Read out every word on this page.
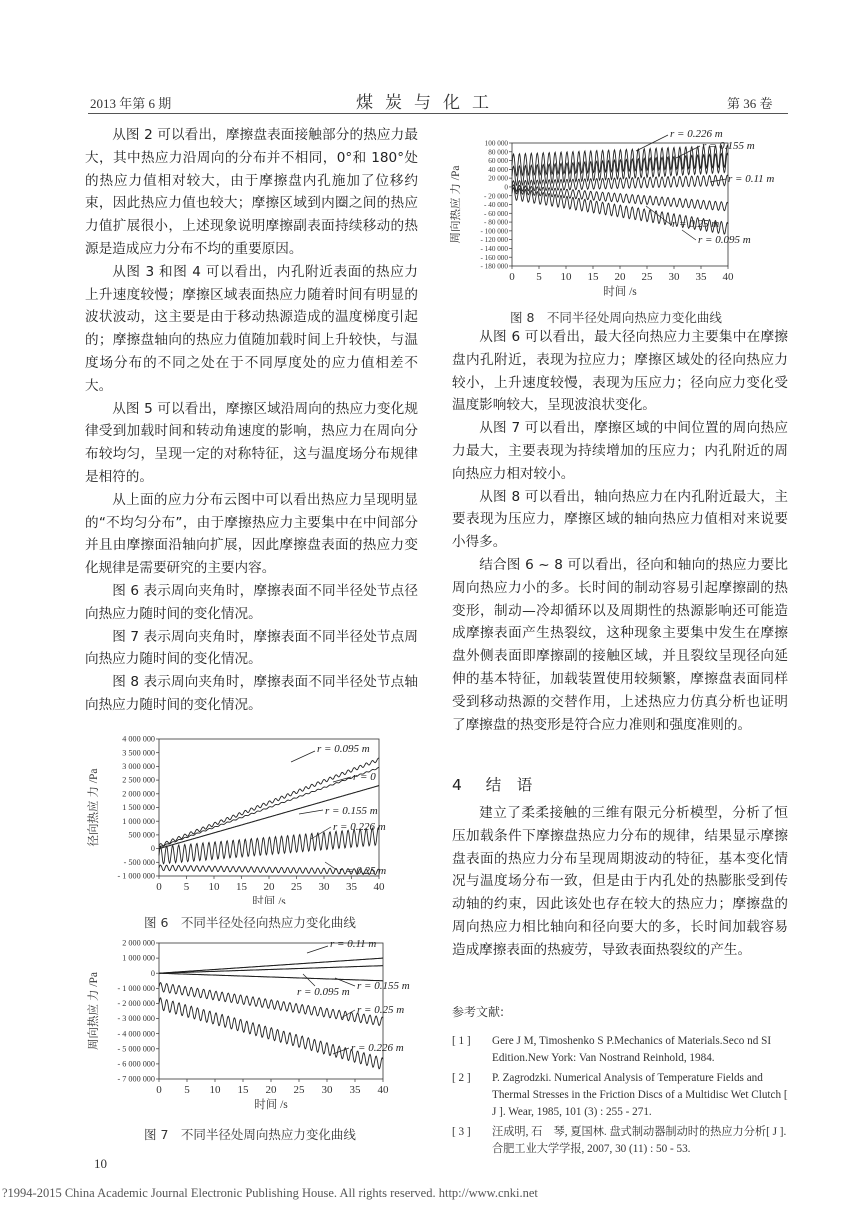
2013 年第 6 期	煤炭与化工	第 36 卷

从图 2 可以看出，摩擦盘表面接触部分的热应力最大，其中热应力沿周向的分布并不相同，0°和 180°处的热应力值相对较大，由于摩擦盘内孔施加了位移约束，因此热应力值也较大；摩擦区域到内圈之间的热应力值扩展很小，上述现象说明摩擦副表面持续移动的热源是造成应力分布不均的重要原因。

从图 3 和图 4 可以看出，内孔附近表面的热应力上升速度较慢；摩擦区域表面热应力随着时间有明显的波状波动，这主要是由于移动热源造成的温度梯度引起的；摩擦盘轴向的热应力值随加载时间上升较快，与温度场分布的不同之处在于不同厚度处的应力值相差不大。

从图 5 可以看出，摩擦区域沿周向的热应力变化规律受到加载时间和转动角速度的影响，热应力在周向分布较均匀，呈现一定的对称特征，这与温度场分布规律是相符的。

从上面的应力分布云图中可以看出热应力呈现明显的“不均匀分布”，由于摩擦热应力主要集中在中间部分并且由摩擦面沿轴向扩展，因此摩擦盘表面的热应力变化规律是需要研究的主要内容。

图 6 表示周向夹角时，摩擦表面不同半径处节点径向热应力随时间的变化情况。

图 7 表示周向夹角时，摩擦表面不同半径处节点周向热应力随时间的变化情况。

图 8 表示周向夹角时，摩擦表面不同半径处节点轴向热应力随时间的变化情况。

100 000
80 000
60 000
40 000
20 000
0
- 20 000
- 40 000
- 60 000
- 80 000
- 100 000
- 120 000
- 140 000
- 160 000
- 180 000
0 5 10 15 20 25 30 35 40
时间 /s
周向热应 力 /Pa
r = 0.226 m
r = 0.155 m
r = 0.11 m
r = 0.25 m
r = 0.095 m
图 8　不同半径处周向热应力变化曲线

从图 6 可以看出，最大径向热应力主要集中在摩擦盘内孔附近，表现为拉应力；摩擦区域处的径向热应力较小，上升速度较慢，表现为压应力；径向应力变化受温度影响较大，呈现波浪状变化。

从图 7 可以看出，摩擦区域的中间位置的周向热应力最大，主要表现为持续增加的压应力；内孔附近的周向热应力相对较小。

从图 8 可以看出，轴向热应力在内孔附近最大，主要表现为压应力，摩擦区域的轴向热应力值相对来说要小得多。

结合图 6 ~ 8 可以看出，径向和轴向的热应力要比周向热应力小的多。长时间的制动容易引起摩擦副的热变形，制动—冷却循环以及周期性的热源影响还可能造成摩擦表面产生热裂纹，这种现象主要集中发生在摩擦盘外侧表面即摩擦副的接触区域，并且裂纹呈现径向延伸的基本特征，加载装置使用较频繁，摩擦盘表面同样受到移动热源的交替作用，上述热应力仿真分析也证明了摩擦盘的热变形是符合应力准则和强度准则的。

4 结　语

建立了柔柔接触的三维有限元分析模型，分析了恒压加载条件下摩擦盘热应力分布的规律，结果显示摩擦盘表面的热应力分布呈现周期波动的特征，基本变化情况与温度场分布一致，但是由于内孔处的热膨胀受到传动轴的约束，因此该处也存在较大的热应力；摩擦盘的周向热应力相比轴向和径向要大的多，长时间加载容易造成摩擦表面的热疲劳，导致表面热裂纹的产生。

参考文献:
[ 1 ]	Gere J M, Timoshenko S P.Mechanics of Materials.Seco nd SI Edition.New York: Van Nostrand Reinhold, 1984.
[ 2 ]	P. Zagrodzki. Numerical Analysis of Temperature Fields and Thermal Stresses in the Friction Discs of a Multidisc Wet Clutch [ J ]. Wear, 1985, 101 (3) : 255 - 271.
[ 3 ]	汪成明, 石　琴, 夏国林. 盘式制动器制动时的热应力分析[ J ]. 合肥工业大学学报, 2007, 30 (11) : 50 - 53.
4 000 000
3 500 000
3 000 000
2 500 000
2 000 000
1 500 000
1 000 000
500 000
0
- 500 000
- 1 000 000
0 5 10 15 20 25 30 35 40
时间 /s
径向热应 力 /Pa
r = 0.095 m
r = 0
r = 0.155 m
r = 0.226 m
r = 0.25 m
图 6　不同半径处径向热应力变化曲线
2 000 000
1 000 000
0
- 1 000 000
- 2 000 000
- 3 000 000
- 4 000 000
- 5 000 000
- 6 000 000
- 7 000 000
0 5 10 15 20 25 30 35 40
时间 /s
周向热应 力 /Pa
r = 0.11 m
r = 0.155 m
r = 0.095 m
r = 0.25 m
r = 0.226 m
图 7　不同半径处周向热应力变化曲线
10
?1994-2015 China Academic Journal Electronic Publishing House. All rights reserved. http://www.cnki.net
